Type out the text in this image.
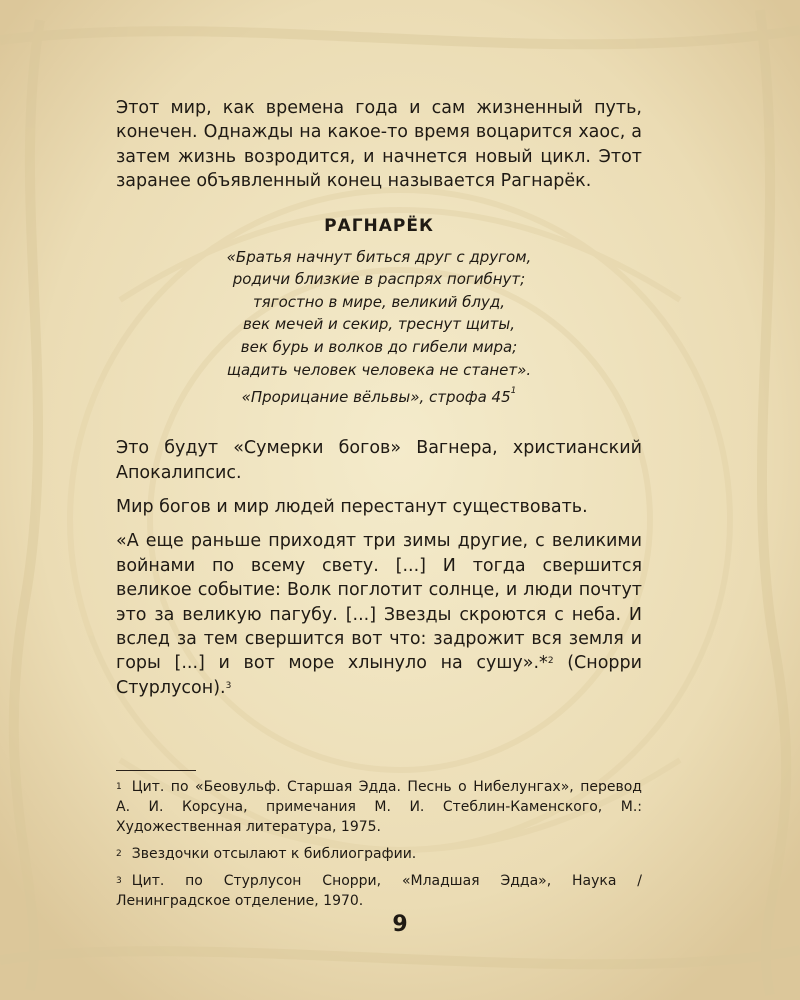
Этот мир, как времена года и сам жизненный путь, конечен. Однажды на какое-то время воцарится хаос, а затем жизнь возродится, и начнется новый цикл. Этот заранее объявленный конец называется Рагнарёк.

РАГНАРЁК

«Братья начнут биться друг с другом,
родичи близкие в распрях погибнут;
тягостно в мире, великий блуд,
век мечей и секир, треснут щиты,
век бурь и волков до гибели мира;
щадить человек человека не станет».

«Прорицание вёльвы», строфа $45^1$

Это будут «Сумерки богов» Вагнера, христианский Апокалипсис.

Мир богов и мир людей перестанут существовать.

«А еще раньше приходят три зимы другие, с великими войнами по всему свету. [...] И тогда свершится великое событие: Волк поглотит солнце, и люди почтут это за великую пагубу. [...] Звезды скроются с неба. И вслед за тем свершится вот что: задрожит вся земля и горы [...] и вот море хлынуло на сушу».*$^2$ (Снорри Стурлусон).$^3$

$^1$ Цит. по «Беовульф. Старшая Эдда. Песнь о Нибелунгах», перевод А. И. Корсуна, примечания М. И. Стеблин-Каменского, М.: Художественная литература, 1975.

$^2$ Звездочки отсылают к библиографии.

$^3$ Цит. по Стурлусон Снорри, «Младшая Эдда», Наука / Ленинградское отделение, 1970.

9
